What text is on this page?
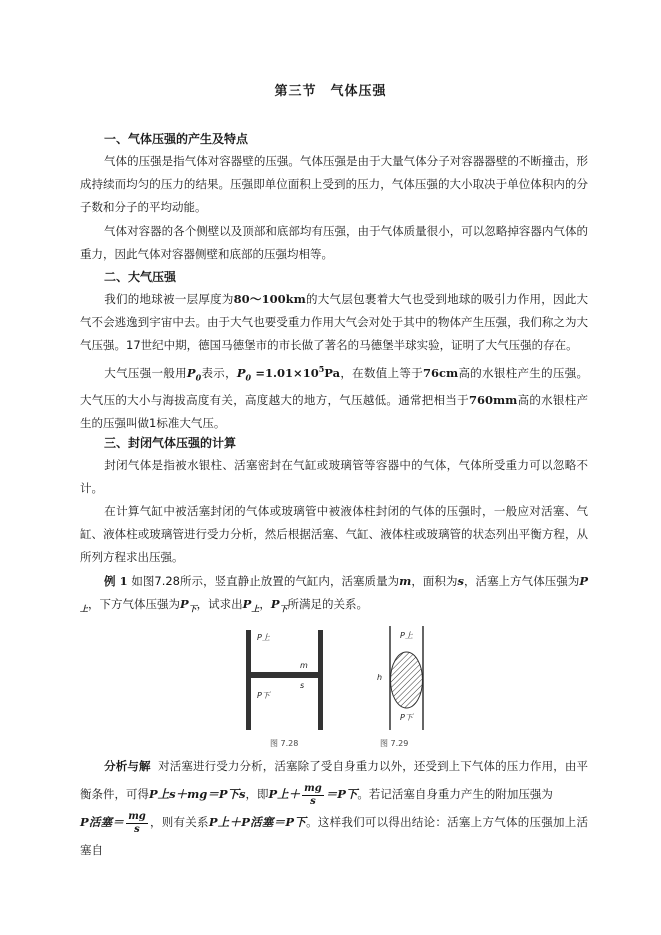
第三节　气体压强
一、气体压强的产生及特点
气体的压强是指气体对容器壁的压强。气体压强是由于大量气体分子对容器器壁的不断撞击，形成持续而均匀的压力的结果。压强即单位面积上受到的压力，气体压强的大小取决于单位体积内的分子数和分子的平均动能。
气体对容器的各个侧壁以及顶部和底部均有压强，由于气体质量很小，可以忽略掉容器内气体的重力，因此气体对容器侧壁和底部的压强均相等。
二、大气压强
我们的地球被一层厚度为80～100km的大气层包裹着大气也受到地球的吸引力作用，因此大气不会逃逸到宇宙中去。由于大气也要受重力作用大气会对处于其中的物体产生压强，我们称之为大气压强。17世纪中期，德国马德堡市的市长做了著名的马德堡半球实验，证明了大气压强的存在。
大气压强一般用$P_0$表示，$P_0 =1.01\times 10^5Pa$，在数值上等于76cm高的水银柱产生的压强。大气压的大小与海拔高度有关，高度越大的地方，气压越低。通常把相当于760mm高的水银柱产生的压强叫做1标准大气压。
三、封闭气体压强的计算
封闭气体是指被水银柱、活塞密封在气缸或玻璃管等容器中的气体，气体所受重力可以忽略不计。
在计算气缸中被活塞封闭的气体或玻璃管中被液体柱封闭的气体的压强时，一般应对活塞、气缸、液体柱或玻璃管进行受力分析，然后根据活塞、气缸、液体柱或玻璃管的状态列出平衡方程，从所列方程求出压强。
例 1 如图7.28所示，竖直静止放置的气缸内，活塞质量为m，面积为s，活塞上方气体压强为$P_上$，下方气体压强为$P_下$，试求出$P_上$，$P_下$所满足的关系。
P上
P下
m
s
图 7.28
P上
P下
h
图 7.29
分析与解 对活塞进行受力分析，活塞除了受自身重力以外，还受到上下气体的压力作用，由平衡条件，可得P上s＋mg＝P下s，即P上＋ $\frac{mg}{s} =P$下。若记活塞自身重力产生的附加压强为
P活塞＝ $\frac{mg}{s}$ ，则有关系P上＋P活塞＝P下。这样我们可以得出结论：活塞上方气体的压强加上活塞自
